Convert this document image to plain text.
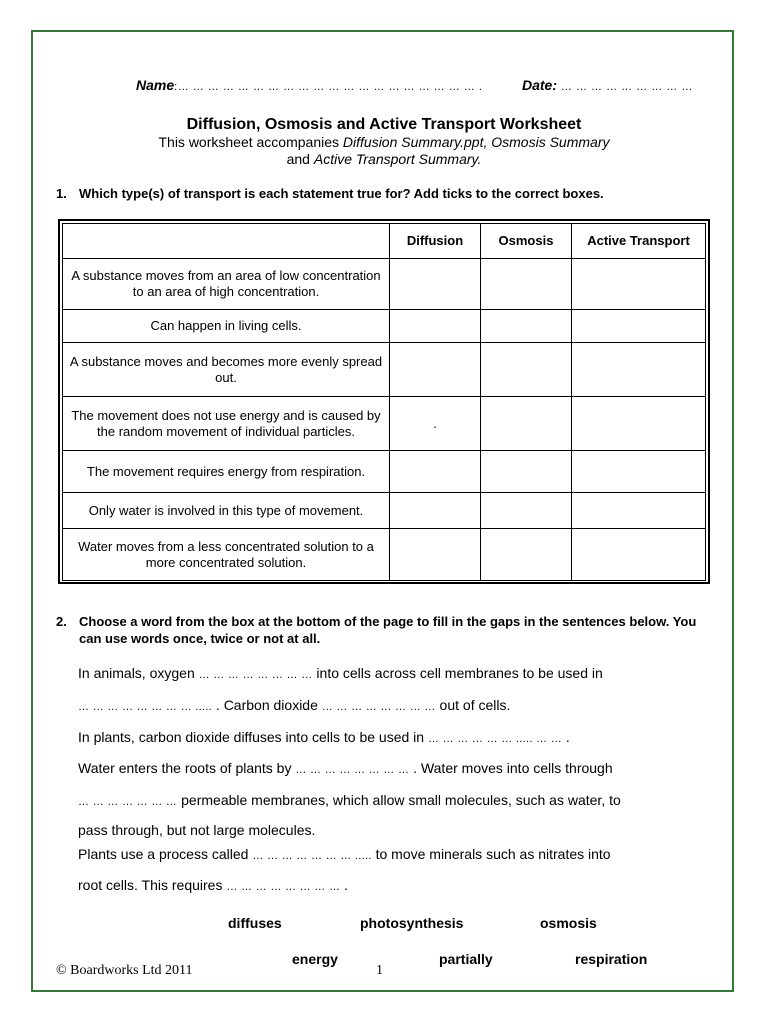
Name:… … … … … … … … … … … … … … … … … … … … .	Date: … … … … … … … … …
Diffusion, Osmosis and Active Transport Worksheet
This worksheet accompanies Diffusion Summary.ppt, Osmosis Summary
and Active Transport Summary.
1. Which type(s) of transport is each statement true for? Add ticks to the correct boxes.
	Diffusion	Osmosis	Active Transport
A substance moves from an area of low concentration to an area of high concentration.			
Can happen in living cells.			
A substance moves and becomes more evenly spread out.			
The movement does not use energy and is caused by the random movement of individual particles.	.		
The movement requires energy from respiration.			
Only water is involved in this type of movement.			
Water moves from a less concentrated solution to a more concentrated solution.			
2. Choose a word from the box at the bottom of the page to fill in the gaps in the sentences below. You can use words once, twice or not at all.
In animals, oxygen … … … … … … … … into cells across cell membranes to be used in
… … … … … … … … ..... . Carbon dioxide … … … … … … … … out of cells.
In plants, carbon dioxide diffuses into cells to be used in … … … … … … ..... … … .
Water enters the roots of plants by … … … … … … … … . Water moves into cells through
… … … … … … … permeable membranes, which allow small molecules, such as water, to
pass through, but not large molecules.
Plants use a process called … … … … … … … ..... to move minerals such as nitrates into
root cells. This requires … … … … … … … … .
diffuses	photosynthesis	osmosis
energy	partially	respiration
© Boardworks Ltd 2011	1
